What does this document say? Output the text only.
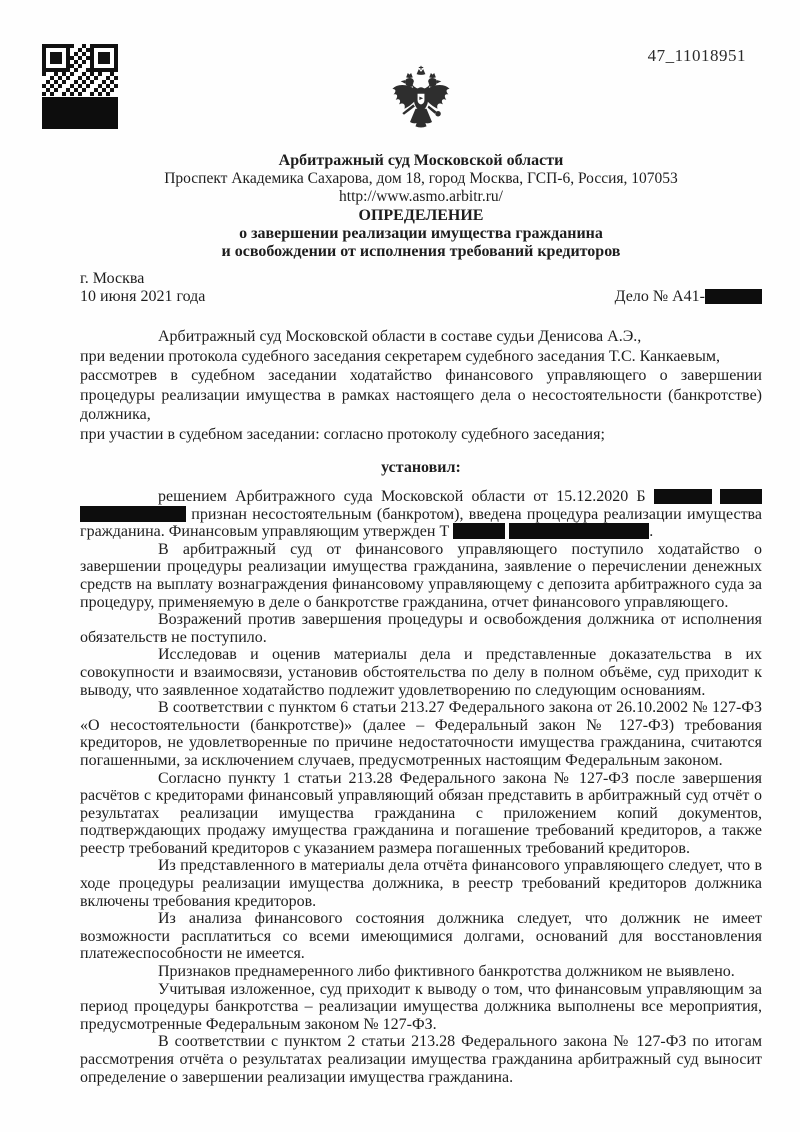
47_11018951
Арбитражный суд Московской области
Проспект Академика Сахарова, дом 18, город Москва, ГСП-6, Россия, 107053
http://www.asmo.arbitr.ru/
ОПРЕДЕЛЕНИЕ
о завершении реализации имущества гражданина
и освобождении от исполнения требований кредиторов
г. Москва
10 июня 2021 года	Дело № А41-
Арбитражный суд Московской области в составе судьи Денисова А.Э.,
при ведении протокола судебного заседания секретарем судебного заседания Т.С. Канкаевым,
рассмотрев в судебном заседании ходатайство финансового управляющего о завершении процедуры реализации имущества в рамках настоящего дела о несостоятельности (банкротстве) должника,
при участии в судебном заседании: согласно протоколу судебного заседания;
установил:

решением Арбитражного суда Московской области от 15.12.2020 Б    признан несостоятельным (банкротом), введена процедура реализации имущества гражданина. Финансовым управляющим утвержден Т	.

В арбитражный суд от финансового управляющего поступило ходатайство о завершении процедуры реализации имущества гражданина, заявление о перечислении денежных средств на выплату вознаграждения финансовому управляющему с депозита арбитражного суда за процедуру, применяемую в деле о банкротстве гражданина, отчет финансового управляющего.

Возражений против завершения процедуры и освобождения должника от исполнения обязательств не поступило.

Исследовав и оценив материалы дела и представленные доказательства в их совокупности и взаимосвязи, установив обстоятельства по делу в полном объёме, суд приходит к выводу, что заявленное ходатайство подлежит удовлетворению по следующим основаниям.

В соответствии с пунктом 6 статьи 213.27 Федерального закона от 26.10.2002 № 127-ФЗ «О несостоятельности (банкротстве)» (далее – Федеральный закон № 127-ФЗ) требования кредиторов, не удовлетворенные по причине недостаточности имущества гражданина, считаются погашенными, за исключением случаев, предусмотренных настоящим Федеральным законом.

Согласно пункту 1 статьи 213.28 Федерального закона № 127-ФЗ после завершения расчётов с кредиторами финансовый управляющий обязан представить в арбитражный суд отчёт о результатах реализации имущества гражданина с приложением копий документов, подтверждающих продажу имущества гражданина и погашение требований кредиторов, а также реестр требований кредиторов с указанием размера погашенных требований кредиторов.

Из представленного в материалы дела отчёта финансового управляющего следует, что в ходе процедуры реализации имущества должника, в реестр требований кредиторов должника включены требования кредиторов.

Из анализа финансового состояния должника следует, что должник не имеет возможности расплатиться со всеми имеющимися долгами, оснований для восстановления платежеспособности не имеется.

Признаков преднамеренного либо фиктивного банкротства должником не выявлено.

Учитывая изложенное, суд приходит к выводу о том, что финансовым управляющим за период процедуры банкротства – реализации имущества должника выполнены все мероприятия, предусмотренные Федеральным законом № 127-ФЗ.

В соответствии с пунктом 2 статьи 213.28 Федерального закона № 127-ФЗ по итогам рассмотрения отчёта о результатах реализации имущества гражданина арбитражный суд выносит определение о завершении реализации имущества гражданина.
